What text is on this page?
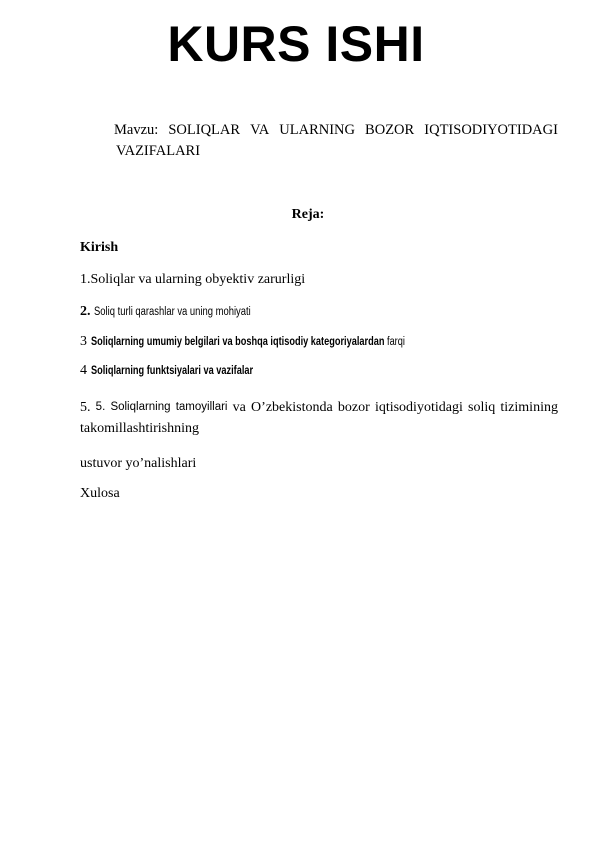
KURS ISHI
Mavzu: SOLIQLAR VA ULARNING BOZOR IQTISODIYOTIDAGI
VAZIFALARI
Reja:
Kirish
1.Soliqlar va ularning obyektiv zarurligi
2. Soliq turli qarashlar va uning mohiyati
3 Soliqlarning umumiy belgilari va boshqa iqtisodiy kategoriyalardan farqi
4 Soliqlarning funktsiyalari va vazifalar
5. 5. Soliqlarning tamoyillari va O’zbekistonda bozor iqtisodiyotidagi soliq tizimining
takomillashtirishning
ustuvor yo’nalishlari
Xulosa
